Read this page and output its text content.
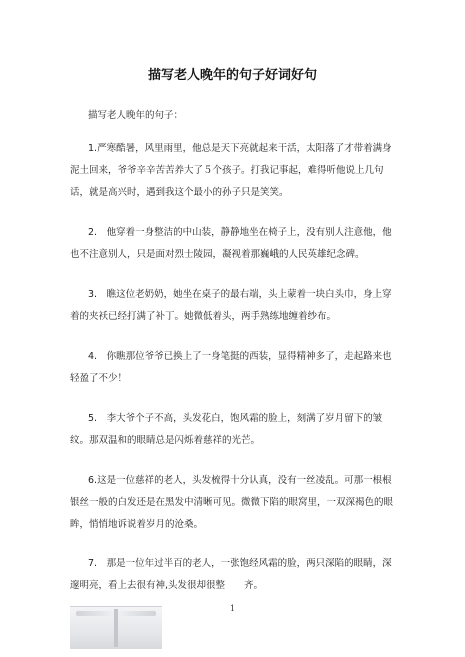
描写老人晚年的句子好词好句
描写老人晚年的句子：

1.严寒酷暑，风里雨里，他总是天下亮就起来干活，太阳落了才带着满身泥土回来，爷爷辛辛苦苦养大了５个孩子。打我记事起，难得听他说上几句话，就是高兴时，遇到我这个最小的孙子只是笑笑。

2.　他穿着一身整洁的中山装，静静地坐在椅子上，没有别人注意他，他也不注意别人，只是面对烈士陵园，凝视着那巍峨的人民英雄纪念碑。

3.　瞧这位老奶奶，她坐在桌子的最右端，头上蒙着一块白头巾，身上穿着的夹袄已经打满了补丁。她微低着头，两手熟练地缠着纱布。

4.　你瞧那位爷爷已换上了一身笔挺的西装，显得精神多了，走起路来也轻盈了不少！

5.　李大爷个子不高，头发花白，饱风霜的脸上，刻满了岁月留下的皱纹。那双温和的眼睛总是闪烁着慈祥的光芒。

6.这是一位慈祥的老人，头发梳得十分认真，没有一丝凌乱。可那一根根银丝一般的白发还是在黑发中清晰可见。微微下陷的眼窝里，一双深褐色的眼眸，悄悄地诉说着岁月的沧桑。

7.　那是一位年过半百的老人，一张饱经风霜的脸，两只深陷的眼睛，深邃明亮，看上去很有神,头发很却很整　　齐。

1
